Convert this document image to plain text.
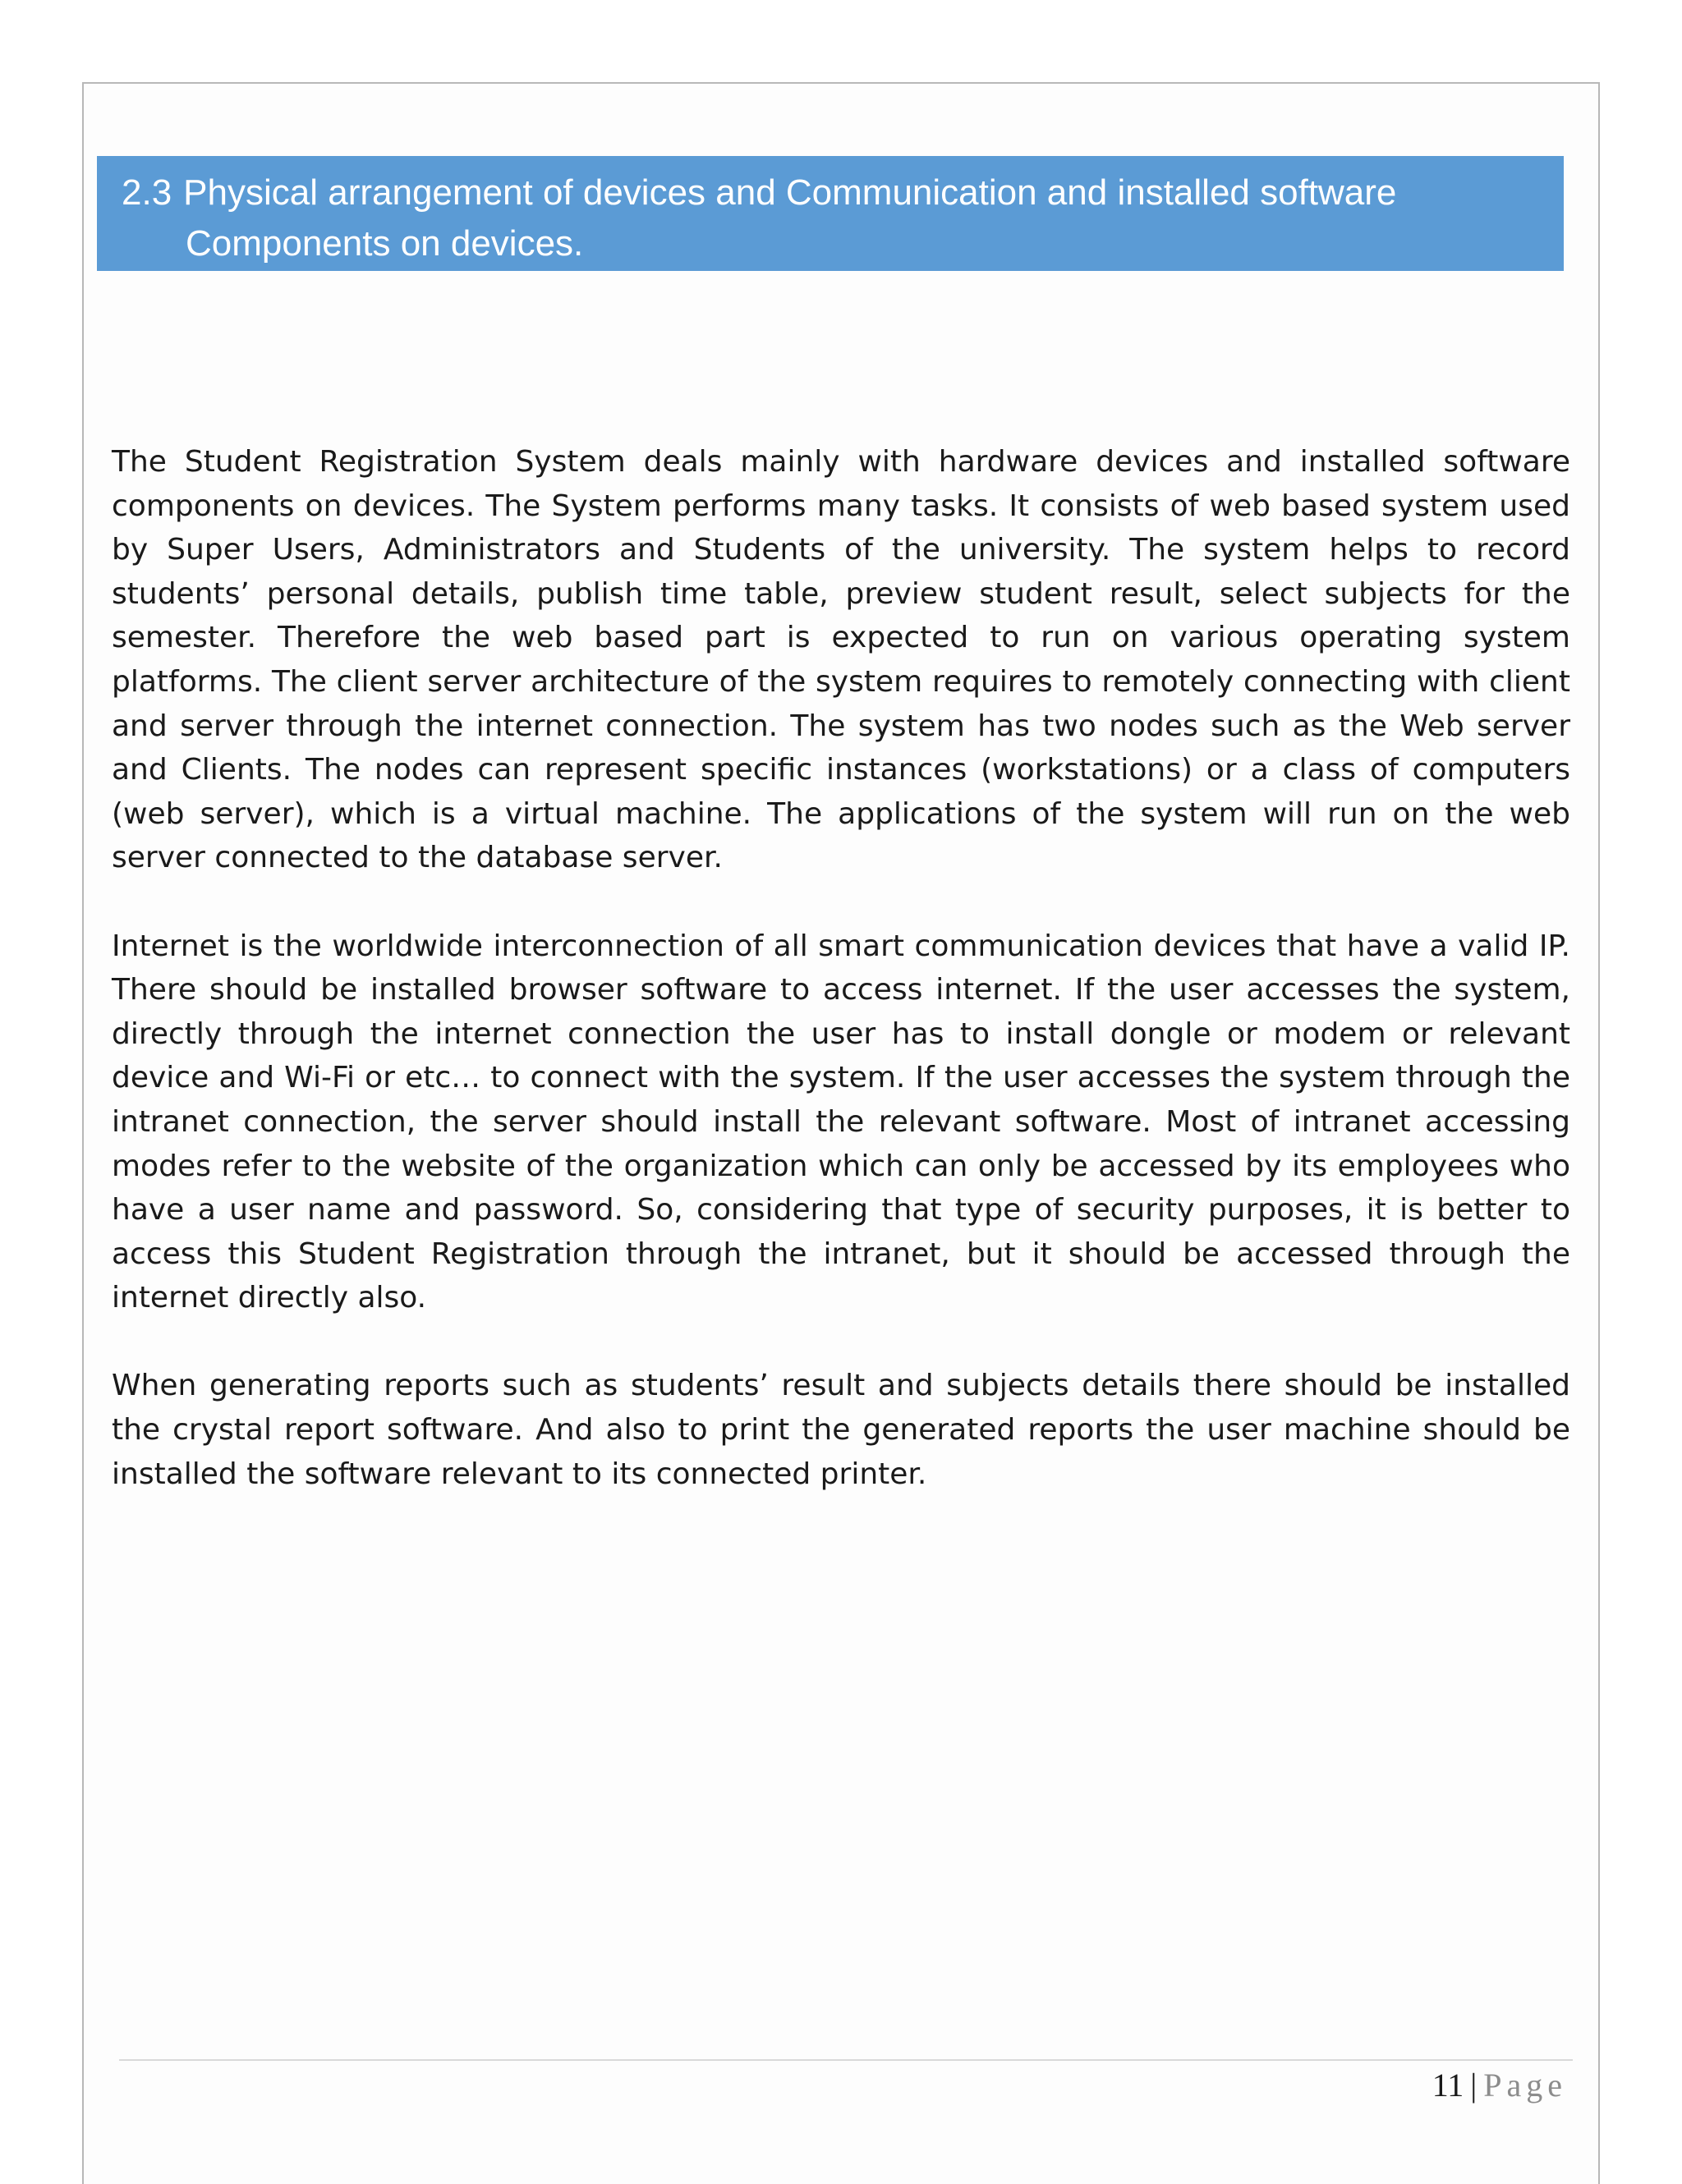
2.3 Physical arrangement of devices and Communication and installed software
Components on devices.

The Student Registration System deals mainly with hardware devices and installed software components on devices. The System performs many tasks. It consists of web based system used by Super Users, Administrators and Students of the university. The system helps to record students’ personal details, publish time table, preview student result, select subjects for the semester. Therefore the web based part is expected to run on various operating system platforms. The client server architecture of the system requires to remotely connecting with client and server through the internet connection. The system has two nodes such as the Web server and Clients. The nodes can represent specific instances (workstations) or a class of computers (web server), which is a virtual machine. The applications of the system will run on the web server connected to the database server.

Internet is the worldwide interconnection of all smart communication devices that have a valid IP. There should be installed browser software to access internet. If the user accesses the system, directly through the internet connection the user has to install dongle or modem or relevant device and Wi-Fi or etc… to connect with the system. If the user accesses the system through the intranet connection, the server should install the relevant software. Most of intranet accessing modes refer to the website of the organization which can only be accessed by its employees who have a user name and password. So, considering that type of security purposes, it is better to access this Student Registration through the intranet, but it should be accessed through the internet directly also.

When generating reports such as students’ result and subjects details there should be installed the crystal report software. And also to print the generated reports the user machine should be installed the software relevant to its connected printer.

11 | Page
